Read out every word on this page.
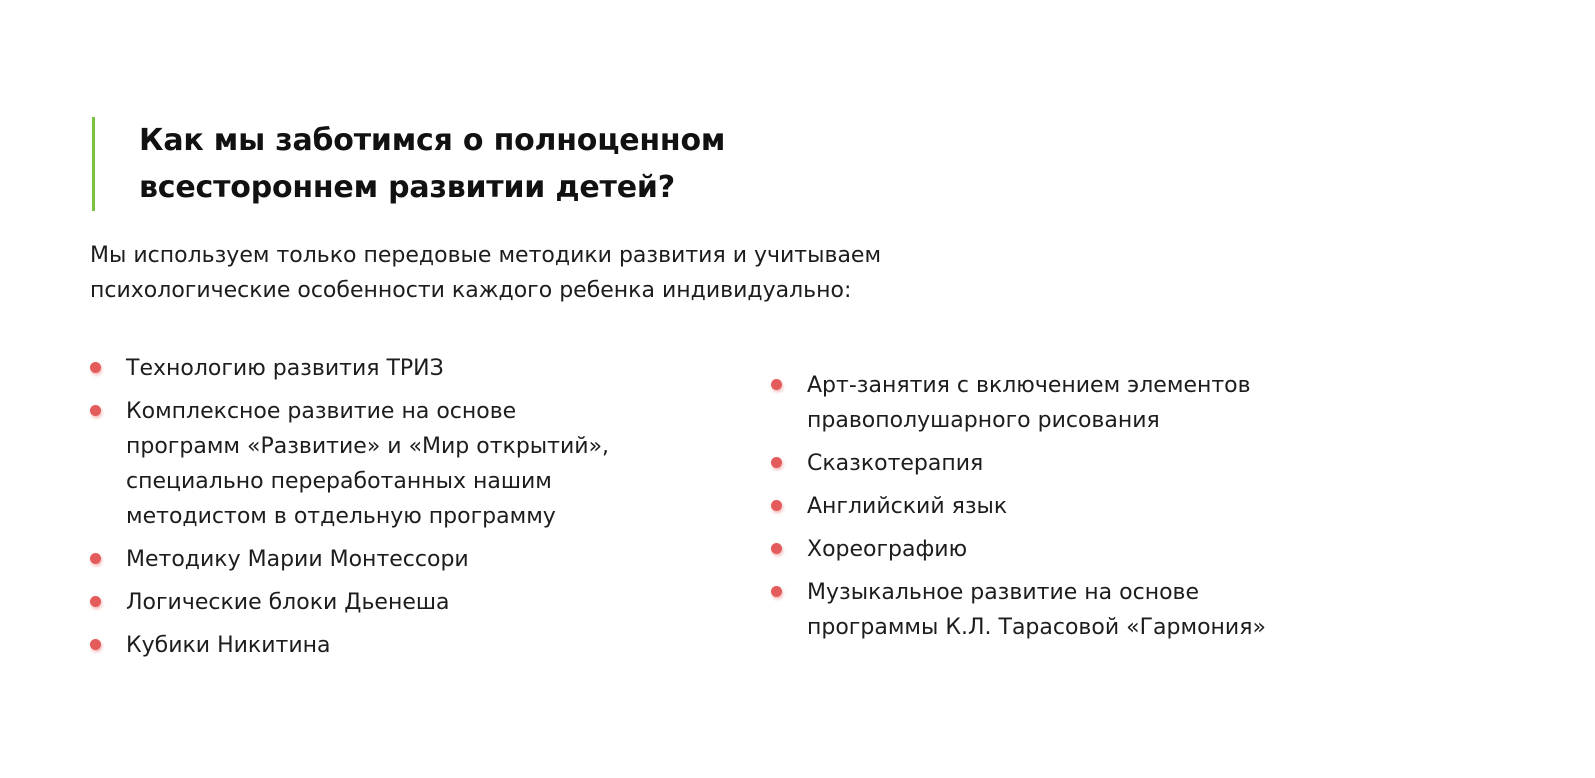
Как мы заботимся о полноценном
всестороннем развитии детей?

Мы используем только передовые методики развития и учитываем
психологические особенности каждого ребенка индивидуально:

Технологию развития ТРИЗ
Комплексное развитие на основе
программ «Развитие» и «Мир открытий»,
специально переработанных нашим
методистом в отдельную программу
Методику Марии Монтессори
Логические блоки Дьенеша
Кубики Никитина
Арт-занятия с включением элементов
правополушарного рисования
Сказкотерапия
Английский язык
Хореографию
Музыкальное развитие на основе
программы К.Л. Тарасовой «Гармония»
